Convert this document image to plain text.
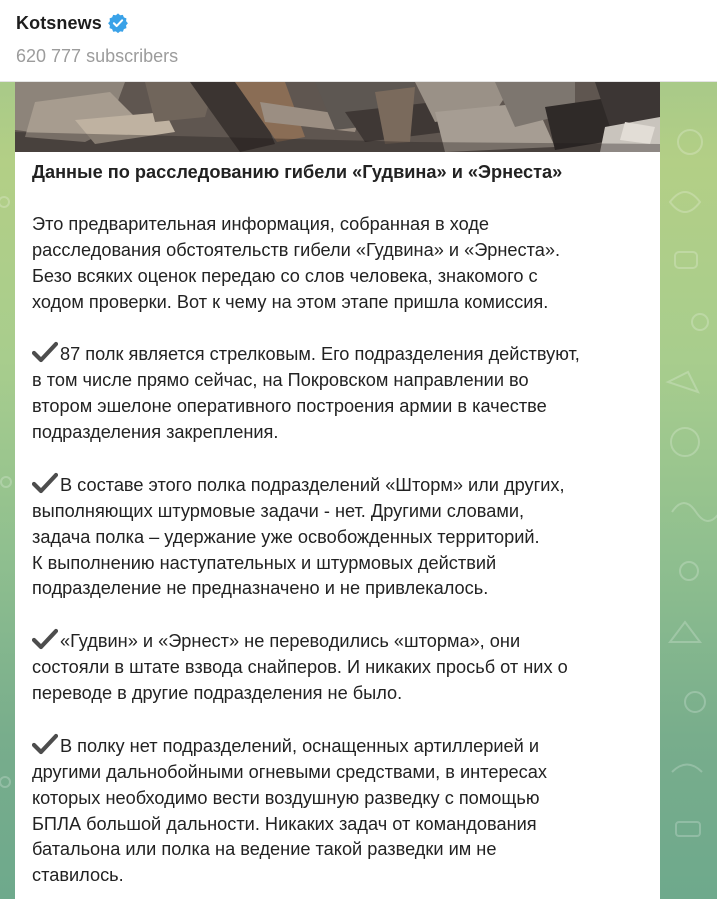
Kotsnews
620 777 subscribers

Данные по расследованию гибели «Гудвина» и «Эрнеста»

Это предварительная информация, собранная в ходе

расследования обстоятельств гибели «Гудвина» и «Эрнеста».

Безо всяких оценок передаю со слов человека, знакомого с

ходом проверки. Вот к чему на этом этапе пришла комиссия.

87 полк является стрелковым. Его подразделения действуют,

в том числе прямо сейчас, на Покровском направлении во

втором эшелоне оперативного построения армии в качестве

подразделения закрепления.

В составе этого полка подразделений «Шторм» или других,

выполняющих штурмовые задачи - нет. Другими словами,

задача полка – удержание уже освобожденных территорий.

К выполнению наступательных и штурмовых действий

подразделение не предназначено и не привлекалось.

«Гудвин» и «Эрнест» не переводились «шторма», они

состояли в штате взвода снайперов. И никаких просьб от них о

переводе в другие подразделения не было.

В полку нет подразделений, оснащенных артиллерией и

другими дальнобойными огневыми средствами, в интересах

которых необходимо вести воздушную разведку с помощью

БПЛА большой дальности. Никаких задач от командования

батальона или полка на ведение такой разведки им не

ставилось.
